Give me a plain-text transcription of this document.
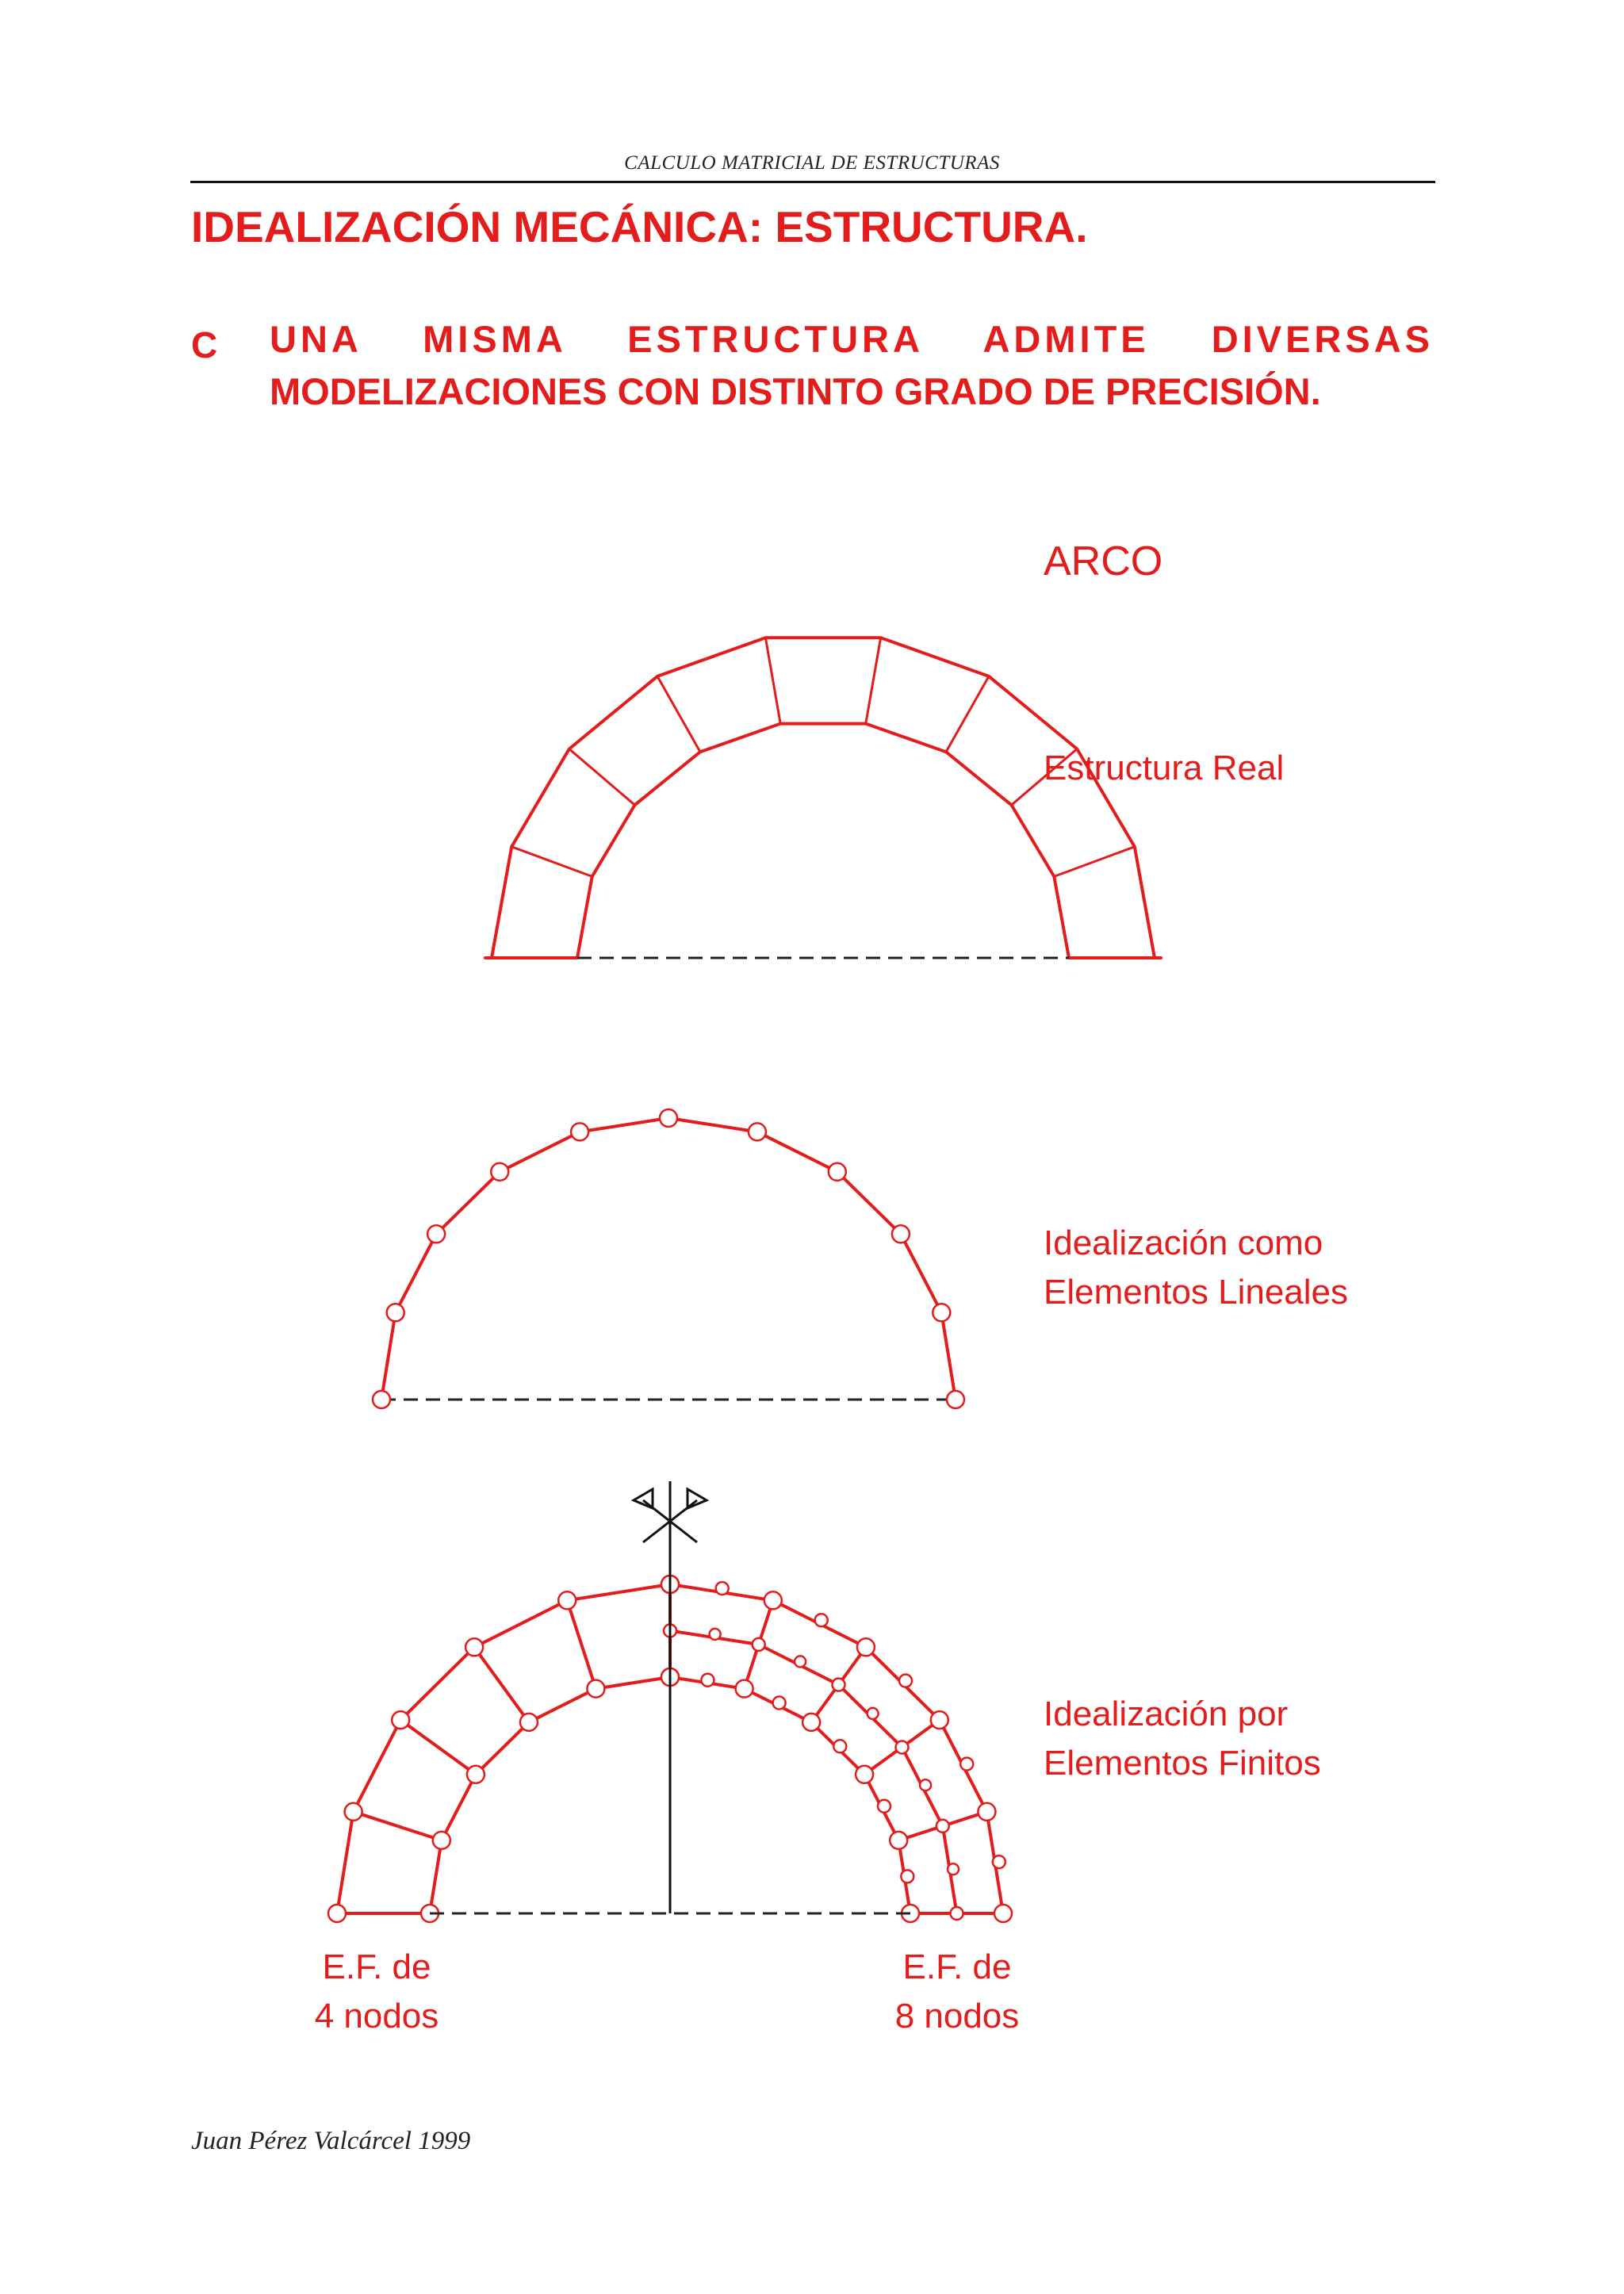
CALCULO MATRICIAL DE ESTRUCTURAS
IDEALIZACIÓN MECÁNICA: ESTRUCTURA.
C UNA MISMA ESTRUCTURA ADMITE DIVERSAS
MODELIZACIONES CON DISTINTO GRADO DE PRECISIÓN.
ARCO
Estructura Real
Idealización como
Elementos Lineales
Idealización por
Elementos Finitos
E.F. de
4 nodos
E.F. de
8 nodos
Juan Pérez Valcárcel 1999
